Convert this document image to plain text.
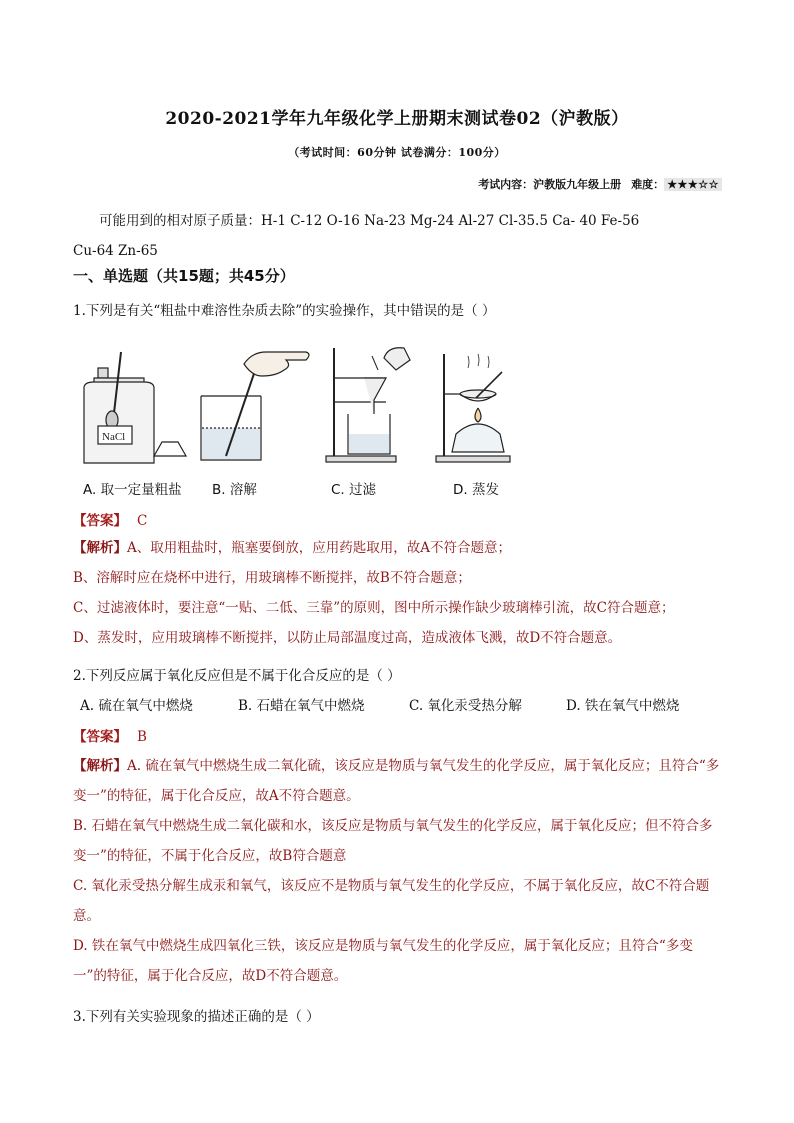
2020-2021学年九年级化学上册期末测试卷02（沪教版）
（考试时间：60分钟 试卷满分：100分）
考试内容：沪教版九年级上册 难度： ★★★☆☆
可能用到的相对原子质量：H-1 C-12 O-16 Na-23 Mg-24 Al-27 Cl-35.5 Ca- 40 Fe-56
Cu-64 Zn-65
一、单选题（共15题；共45分）
1.下列是有关“粗盐中难溶性杂质去除”的实验操作，其中错误的是（ ）
NaCl
A. 取一定量粗盐 B. 溶解	C. 过滤	D. 蒸发
【答案】 C
【解析】A、取用粗盐时，瓶塞要倒放，应用药匙取用，故A不符合题意；
B、溶解时应在烧杯中进行，用玻璃棒不断搅拌，故B不符合题意；
C、过滤液体时，要注意“一贴、二低、三靠”的原则，图中所示操作缺少玻璃棒引流，故C符合题意；
D、蒸发时，应用玻璃棒不断搅拌，以防止局部温度过高，造成液体飞溅，故D不符合题意。
2.下列反应属于氧化反应但是不属于化合反应的是（ ）
A. 硫在氧气中燃烧	B. 石蜡在氧气中燃烧	C. 氧化汞受热分解	D. 铁在氧气中燃烧
【答案】 B
【解析】A. 硫在氧气中燃烧生成二氧化硫，该反应是物质与氧气发生的化学反应，属于氧化反应；且符合“多变一”的特征，属于化合反应，故A不符合题意。
B. 石蜡在氧气中燃烧生成二氧化碳和水，该反应是物质与氧气发生的化学反应，属于氧化反应；但不符合多变一”的特征，不属于化合反应，故B符合题意
C. 氧化汞受热分解生成汞和氧气，该反应不是物质与氧气发生的化学反应，不属于氧化反应，故C不符合题意。
D. 铁在氧气中燃烧生成四氧化三铁，该反应是物质与氧气发生的化学反应，属于氧化反应；且符合“多变一”的特征，属于化合反应，故D不符合题意。
3.下列有关实验现象的描述正确的是（ ）
